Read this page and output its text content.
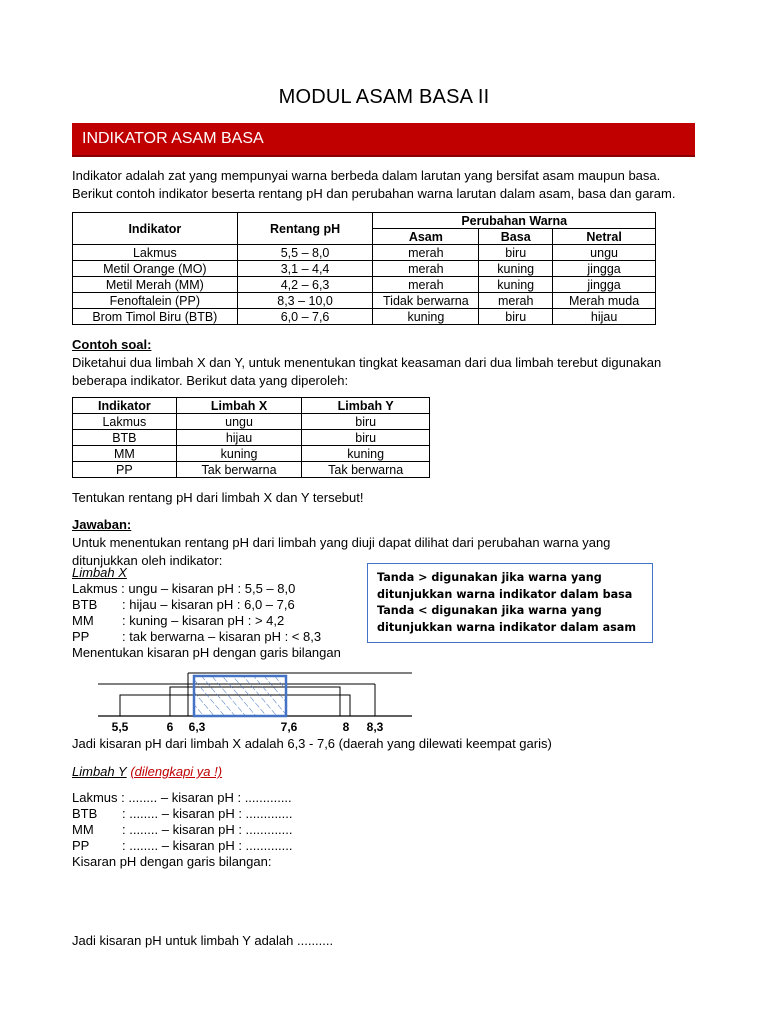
MODUL ASAM BASA II
INDIKATOR ASAM BASA
Indikator adalah zat yang mempunyai warna berbeda dalam larutan yang bersifat asam maupun basa.
Berikut contoh indikator beserta rentang pH dan perubahan warna larutan dalam asam, basa dan garam.
Indikator	Rentang pH	Perubahan Warna		
		Asam	Basa	Netral
Lakmus	5,5 – 8,0	merah	biru	ungu
Metil Orange (MO)	3,1 – 4,4	merah	kuning	jingga
Metil Merah (MM)	4,2 – 6,3	merah	kuning	jingga
Fenoftalein (PP)	8,3 – 10,0	Tidak berwarna	merah	Merah muda
Brom Timol Biru (BTB)	6,0 – 7,6	kuning	biru	hijau
Contoh soal:
Diketahui dua limbah X dan Y, untuk menentukan tingkat keasaman dari dua limbah terebut digunakan
beberapa indikator. Berikut data yang diperoleh:
Indikator	Limbah X	Limbah Y
Lakmus	ungu	biru
BTB	hijau	biru
MM	kuning	kuning
PP	Tak berwarna	Tak berwarna
Tentukan rentang pH dari limbah X dan Y tersebut!
Jawaban:
Untuk menentukan rentang pH dari limbah yang diuji dapat dilihat dari perubahan warna yang
ditunjukkan oleh indikator:
Limbah X
Lakmus : ungu – kisaran pH : 5,5 – 8,0
BTB : hijau – kisaran pH : 6,0 – 7,6
MM : kuning – kisaran pH : > 4,2
PP	: tak berwarna – kisaran pH : < 8,3
Menentukan kisaran pH dengan garis bilangan
Tanda > digunakan jika warna yang
ditunjukkan warna indikator dalam basa
Tanda < digunakan jika warna yang
ditunjukkan warna indikator dalam asam
5,5	6 6,3	7,6	8 8,3
Jadi kisaran pH dari limbah X adalah 6,3 - 7,6 (daerah yang dilewati keempat garis)
Limbah Y (dilengkapi ya !)
Lakmus : ........ – kisaran pH : .............
BTB : ........ – kisaran pH : .............
MM : ........ – kisaran pH : .............
PP	: ........ – kisaran pH : .............
Kisaran pH dengan garis bilangan:
Jadi kisaran pH untuk limbah Y adalah ..........
